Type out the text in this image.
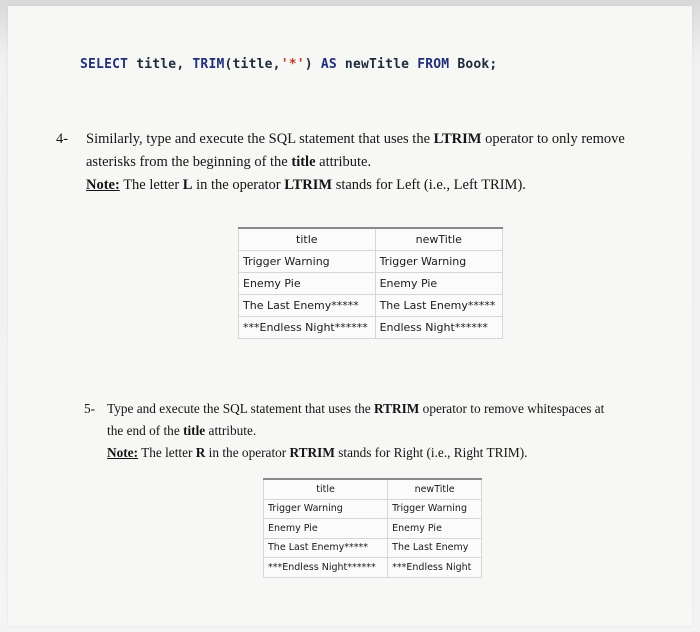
SELECT title, TRIM(title,'*') AS newTitle FROM Book;
4- Similarly, type and execute the SQL statement that uses the LTRIM operator to only remove
asterisks from the beginning of the title attribute.
Note: The letter L in the operator LTRIM stands for Left (i.e., Left TRIM).
title	newTitle
Trigger Warning	Trigger Warning
Enemy Pie	Enemy Pie
The Last Enemy*****	The Last Enemy*****
***Endless Night******	Endless Night******
5- Type and execute the SQL statement that uses the RTRIM operator to remove whitespaces at
the end of the title attribute.
Note: The letter R in the operator RTRIM stands for Right (i.e., Right TRIM).
title	newTitle
Trigger Warning	Trigger Warning
Enemy Pie	Enemy Pie
The Last Enemy*****	The Last Enemy
***Endless Night******	***Endless Night
